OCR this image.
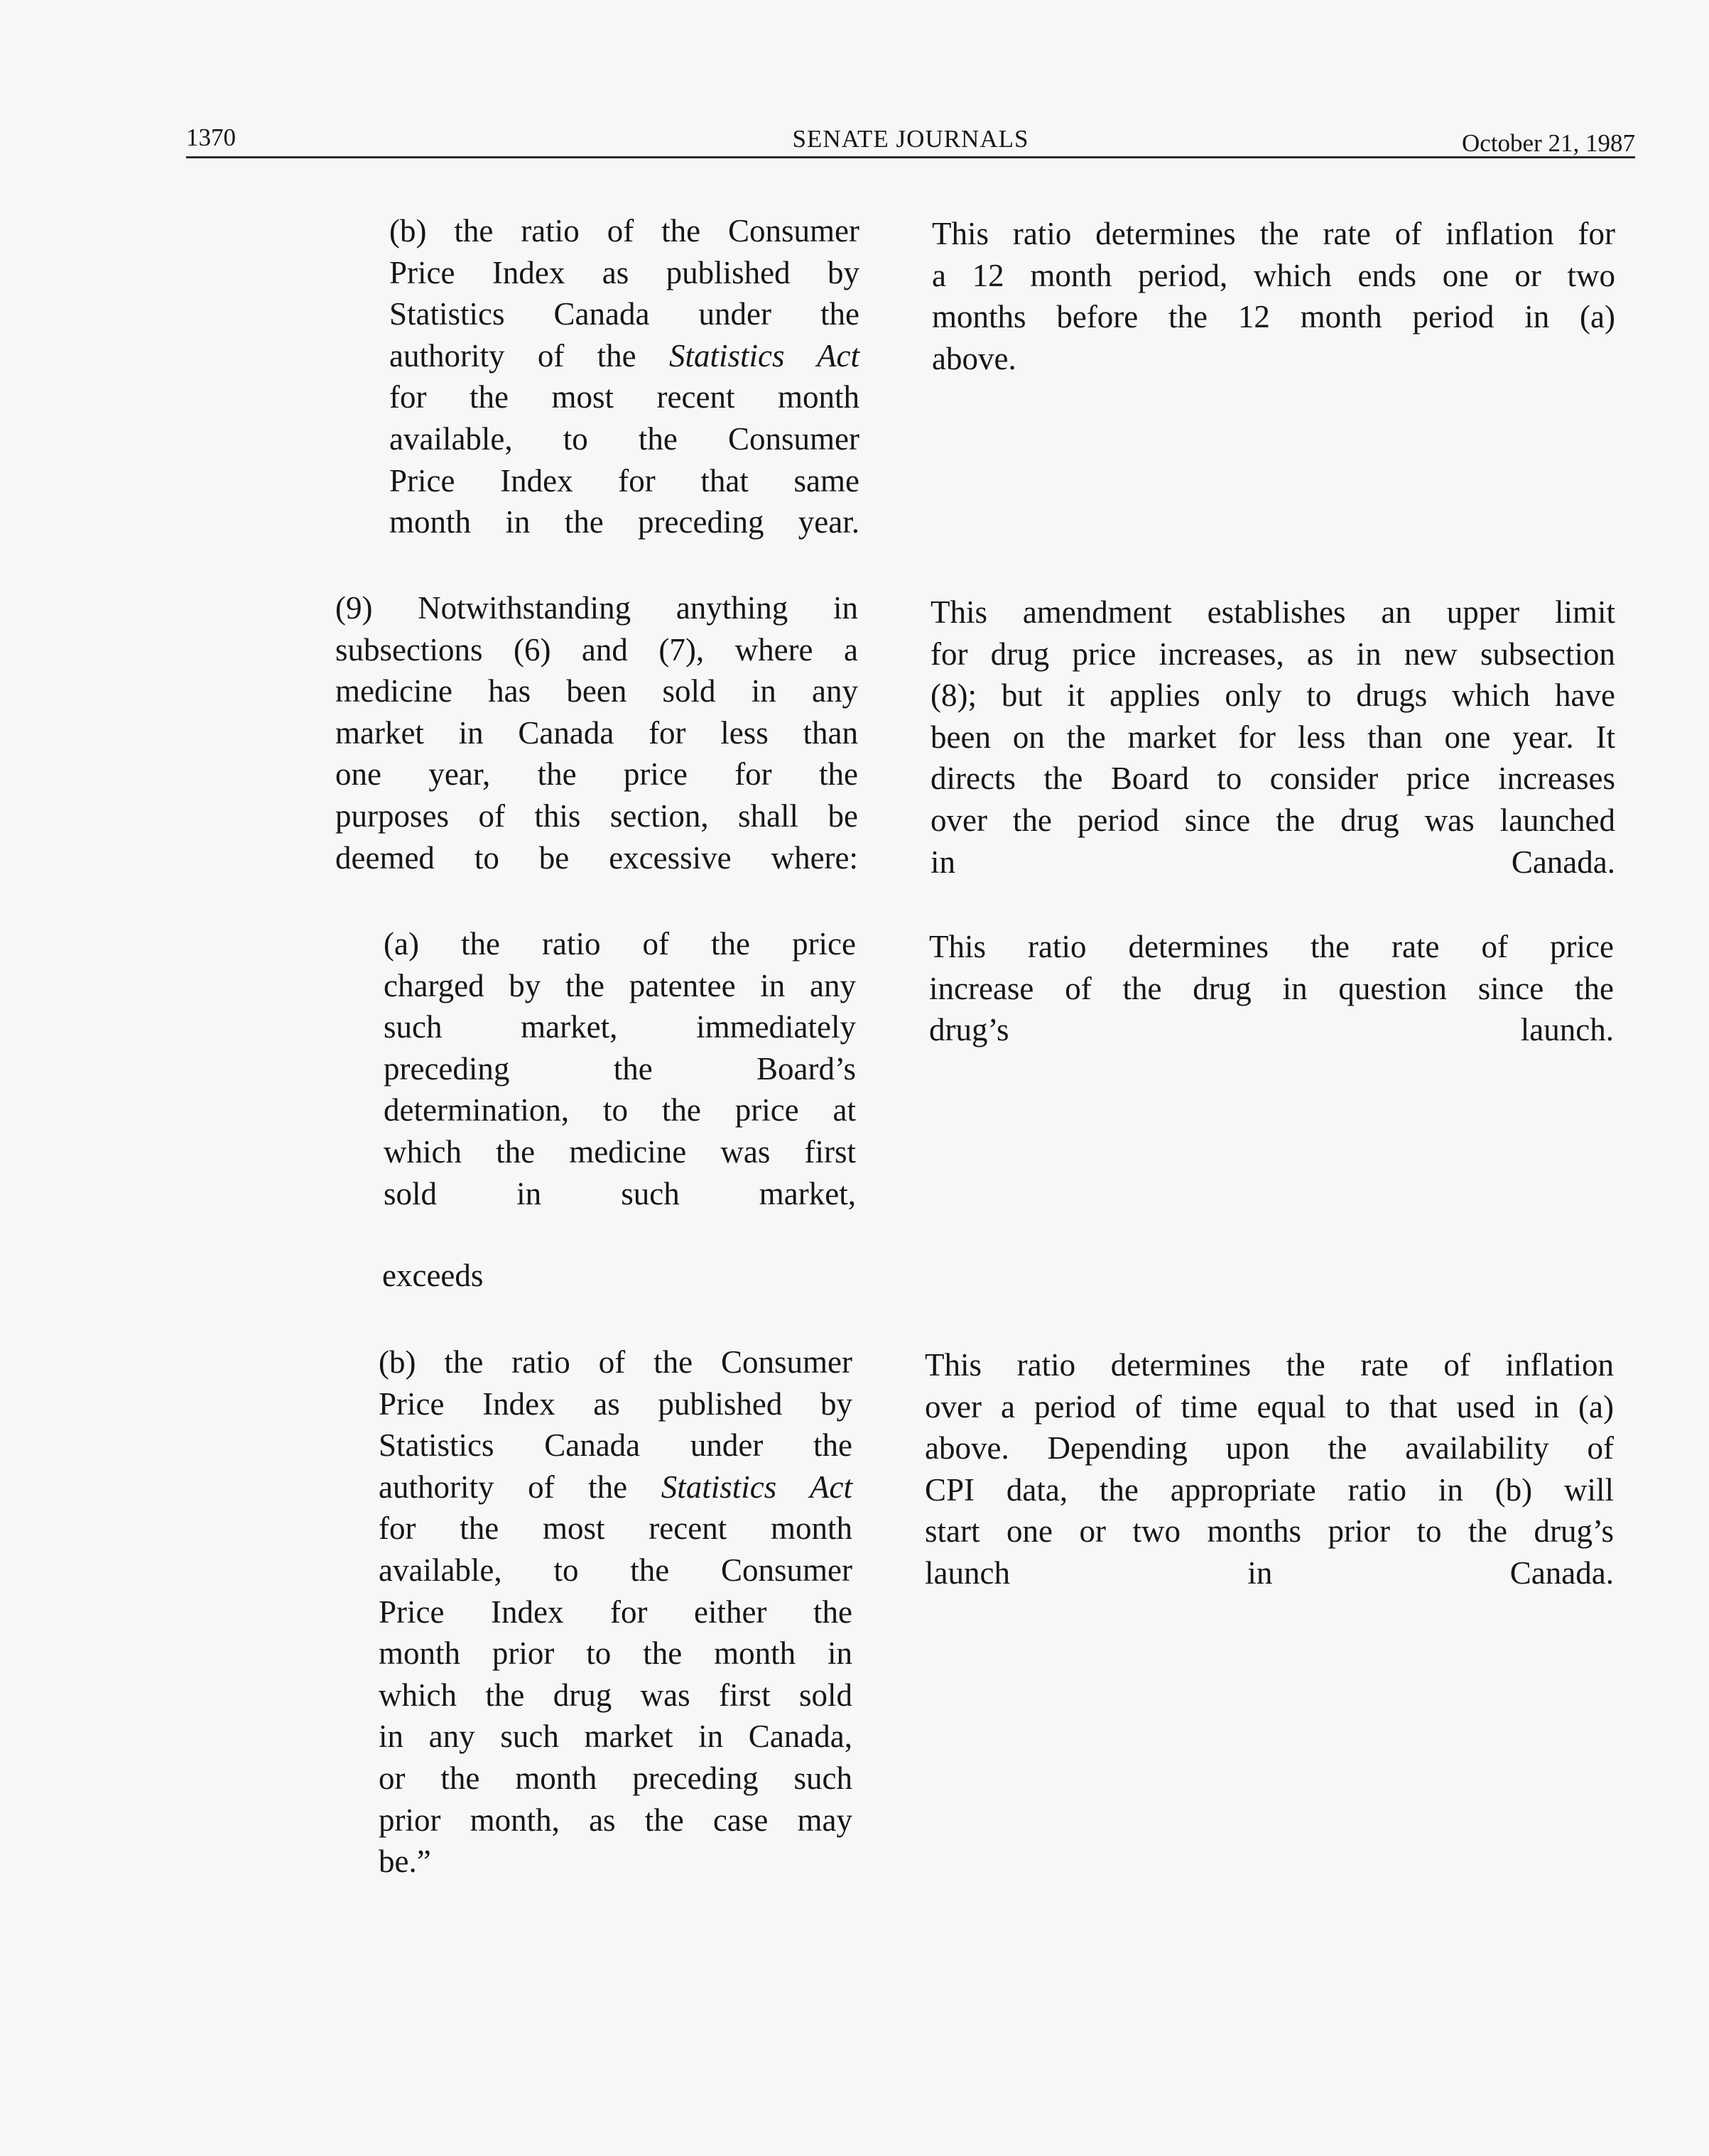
1370	SENATE JOURNALS	October 21, 1987
(b) the ratio of the Consumer
Price Index as published by
Statistics Canada under the
authority of the Statistics Act
for the most recent month
available, to the Consumer
Price Index for that same
month in the preceding year.
This ratio determines the rate of inflation for
a 12 month period, which ends one or two
months before the 12 month period in (a)
above.
(9) Notwithstanding anything in
subsections (6) and (7), where a
medicine has been sold in any
market in Canada for less than
one year, the price for the
purposes of this section, shall be
deemed to be excessive where:
This amendment establishes an upper limit
for drug price increases, as in new subsection
(8); but it applies only to drugs which have
been on the market for less than one year. It
directs the Board to consider price increases
over the period since the drug was launched
in Canada.
(a) the ratio of the price
charged by the patentee in any
such market, immediately
preceding the Board’s
determination, to the price at
which the medicine was first
sold in such market,
This ratio determines the rate of price
increase of the drug in question since the
drug’s launch.
exceeds
(b) the ratio of the Consumer
Price Index as published by
Statistics Canada under the
authority of the Statistics Act
for the most recent month
available, to the Consumer
Price Index for either the
month prior to the month in
which the drug was first sold
in any such market in Canada,
or the month preceding such
prior month, as the case may
be.”
This ratio determines the rate of inflation
over a period of time equal to that used in (a)
above. Depending upon the availability of
CPI data, the appropriate ratio in (b) will
start one or two months prior to the drug’s
launch in Canada.
